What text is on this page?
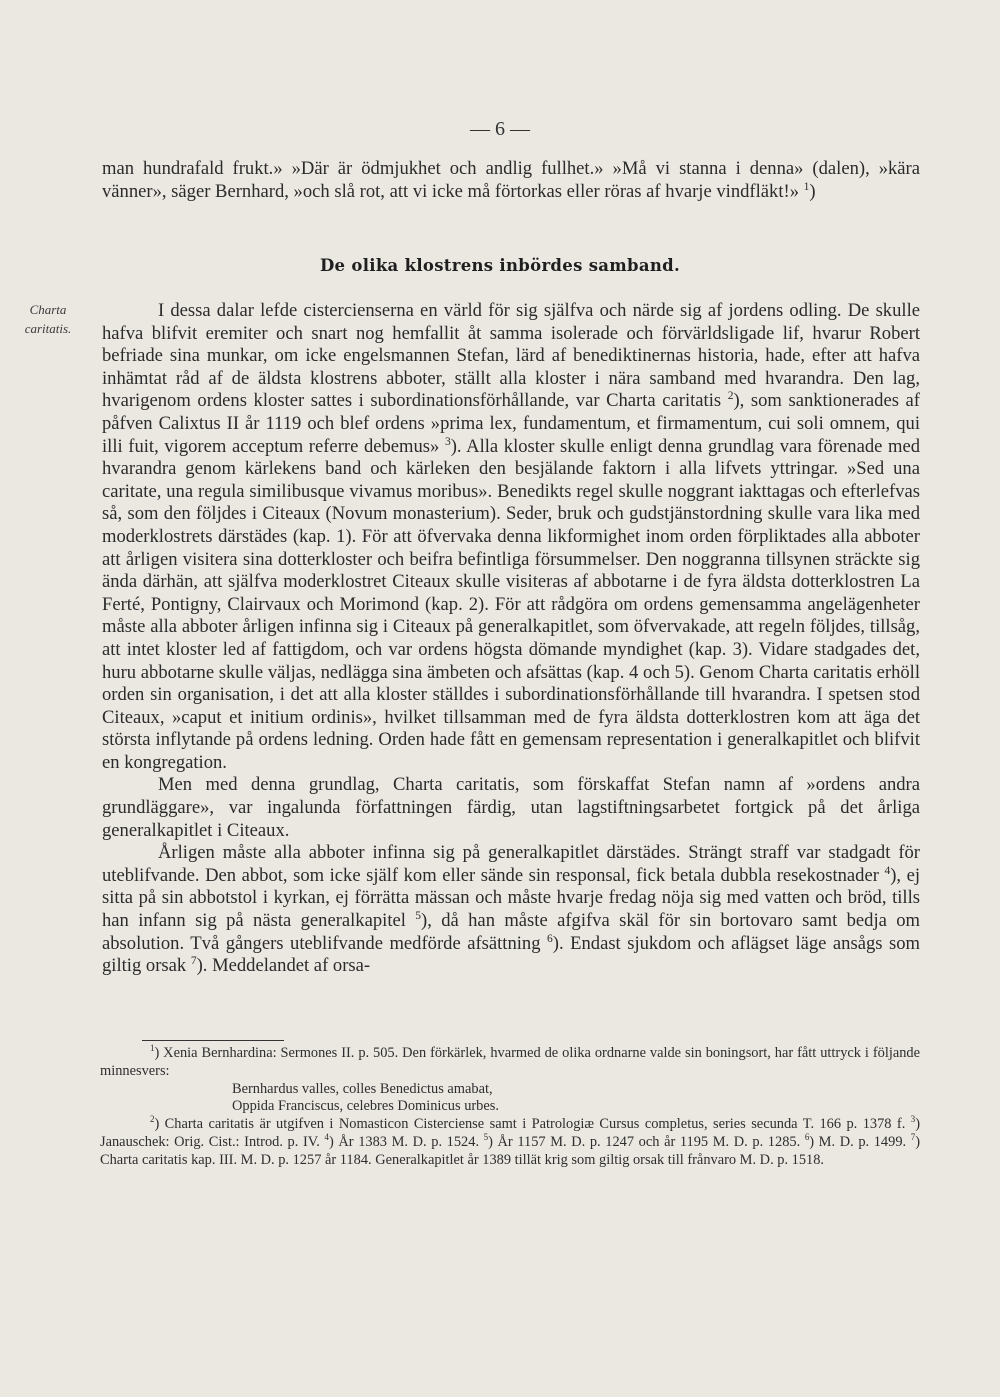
— 6 —

man hundrafald frukt.» »Där är ödmjukhet och andlig fullhet.» »Må vi stanna i denna» (dalen), »kära vänner», säger Bernhard, »och slå rot, att vi icke må förtorkas eller röras af hvarje vindfläkt!» $^1$)

De olika klostrens inbördes samband.
Charta caritatis.

I dessa dalar lefde cistercienserna en värld för sig själfva och närde sig af jordens odling. De skulle hafva blifvit eremiter och snart nog hemfallit åt samma isolerade och förvärldsligade lif, hvarur Robert befriade sina munkar, om icke engelsmannen Stefan, lärd af benediktinernas historia, hade, efter att hafva inhämtat råd af de äldsta klostrens abboter, ställt alla kloster i nära samband med hvarandra. Den lag, hvarigenom ordens kloster sattes i subordinationsförhållande, var Charta caritatis $^2$), som sanktionerades af påfven Calixtus II år 1119 och blef ordens »prima lex, fundamentum, et firmamentum, cui soli omnem, qui illi fuit, vigorem acceptum referre debemus» $^3$). Alla kloster skulle enligt denna grundlag vara förenade med hvarandra genom kärlekens band och kärleken den besjälande faktorn i alla lifvets yttringar. »Sed una caritate, una regula similibusque vivamus moribus». Benedikts regel skulle noggrant iakttagas och efterlefvas så, som den följdes i Citeaux (Novum monasterium). Seder, bruk och gudstjänstordning skulle vara lika med moderklostrets därstädes (kap. 1). För att öfvervaka denna likformighet inom orden förpliktades alla abboter att årligen visitera sina dotterkloster och beifra befintliga försummelser. Den noggranna tillsynen sträckte sig ända därhän, att själfva moderklostret Citeaux skulle visiteras af abbotarne i de fyra äldsta dotterklostren La Ferté, Pontigny, Clairvaux och Morimond (kap. 2). För att rådgöra om ordens gemensamma angelägenheter måste alla abboter årligen infinna sig i Citeaux på generalkapitlet, som öfvervakade, att regeln följdes, tillsåg, att intet kloster led af fattigdom, och var ordens högsta dömande myndighet (kap. 3). Vidare stadgades det, huru abbotarne skulle väljas, nedlägga sina ämbeten och afsättas (kap. 4 och 5). Genom Charta caritatis erhöll orden sin organisation, i det att alla kloster ställdes i subordinationsförhållande till hvarandra. I spetsen stod Citeaux, »caput et initium ordinis», hvilket tillsamman med de fyra äldsta dotterklostren kom att äga det största inflytande på ordens ledning. Orden hade fått en gemensam representation i generalkapitlet och blifvit en kongregation.

Men med denna grundlag, Charta caritatis, som förskaffat Stefan namn af »ordens andra grundläggare», var ingalunda författningen färdig, utan lagstiftningsarbetet fortgick på det årliga generalkapitlet i Citeaux.

Årligen måste alla abboter infinna sig på generalkapitlet därstädes. Strängt straff var stadgadt för uteblifvande. Den abbot, som icke själf kom eller sände sin responsal, fick betala dubbla resekostnader $^4$), ej sitta på sin abbotstol i kyrkan, ej förrätta mässan och måste hvarje fredag nöja sig med vatten och bröd, tills han infann sig på nästa generalkapitel $^5$), då han måste afgifva skäl för sin bortovaro samt bedja om absolution. Två gångers uteblifvande medförde afsättning $^6$). Endast sjukdom och aflägset läge ansågs som giltig orsak $^7$). Meddelandet af orsa-

$^1$) Xenia Bernhardina: Sermones II. p. 505. Den förkärlek, hvarmed de olika ordnarne valde sin boningsort, har fått uttryck i följande minnesvers:

Bernhardus valles, colles Benedictus amabat,

Oppida Franciscus, celebres Dominicus urbes.

$^2$) Charta caritatis är utgifven i Nomasticon Cisterciense samt i Patrologiæ Cursus completus, series secunda T. 166 p. 1378 f. $^3$) Janauschek: Orig. Cist.: Introd. p. IV. $^4$) År 1383 M. D. p. 1524. $^5$) År 1157 M. D. p. 1247 och år 1195 M. D. p. 1285. $^6$) M. D. p. 1499. $^7$) Charta caritatis kap. III. M. D. p. 1257 år 1184. Generalkapitlet år 1389 tillät krig som giltig orsak till frånvaro M. D. p. 1518.
